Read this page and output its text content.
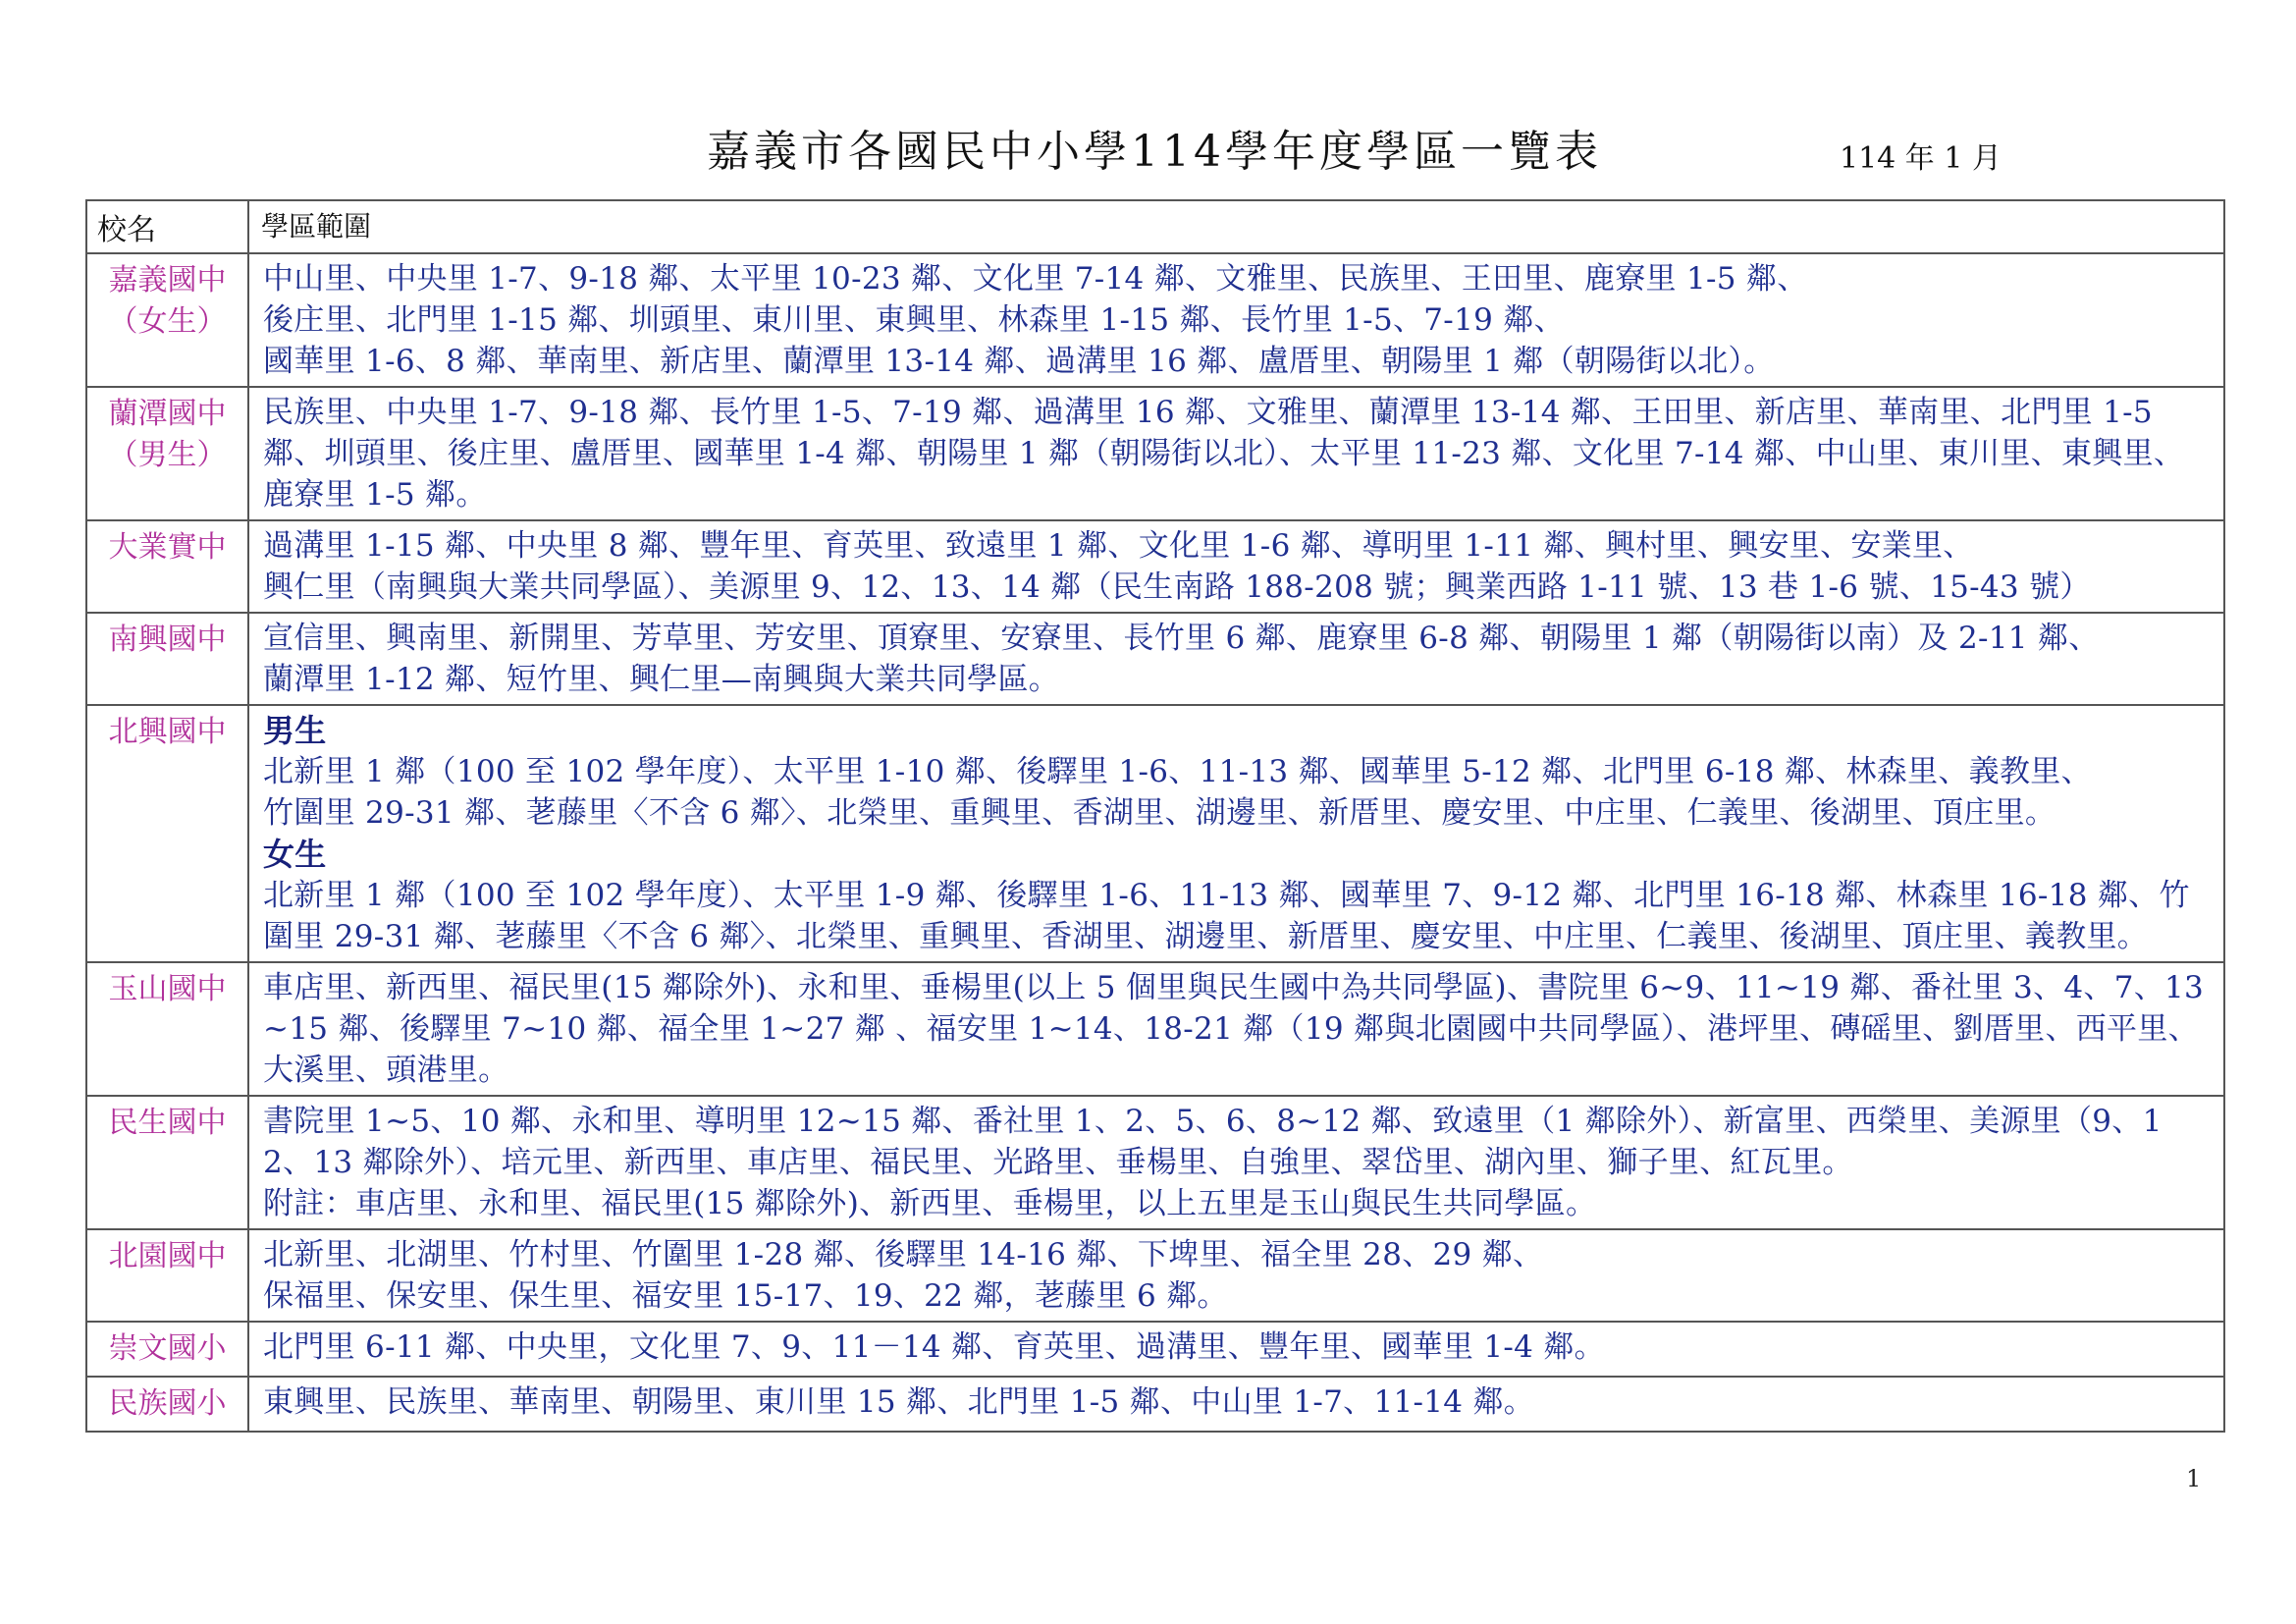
嘉義市各國民中小學114學年度學區一覽表	114 年 1 月
校名	學區範圍

嘉義國中
（女生）	中山里、中央里 1-7、9-18 鄰、太平里 10-23 鄰、文化里 7-14 鄰、文雅里、民族里、王田里、鹿寮里 1-5 鄰、
後庄里、北門里 1-15 鄰、圳頭里、東川里、東興里、林森里 1-15 鄰、長竹里 1-5、7-19 鄰、
國華里 1-6、8 鄰、華南里、新店里、蘭潭里 13-14 鄰、過溝里 16 鄰、盧厝里、朝陽里 1 鄰（朝陽街以北）。

蘭潭國中
（男生）	民族里、中央里 1-7、9-18 鄰、長竹里 1-5、7-19 鄰、過溝里 16 鄰、文雅里、蘭潭里 13-14 鄰、王田里、新店里、華南里、北門里 1-5 鄰、圳頭里、後庄里、盧厝里、國華里 1-4 鄰、朝陽里 1 鄰（朝陽街以北）、太平里 11-23 鄰、文化里 7-14 鄰、中山里、東川里、東興里、鹿寮里 1-5 鄰。

大業實中	過溝里 1-15 鄰、中央里 8 鄰、豐年里、育英里、致遠里 1 鄰、文化里 1-6 鄰、導明里 1-11 鄰、興村里、興安里、安業里、
興仁里（南興與大業共同學區）、美源里 9、12、13、14 鄰（民生南路 188-208 號；興業西路 1-11 號、13 巷 1-6 號、15-43 號）

南興國中	宣信里、興南里、新開里、芳草里、芳安里、頂寮里、安寮里、長竹里 6 鄰、鹿寮里 6-8 鄰、朝陽里 1 鄰（朝陽街以南）及 2-11 鄰、
蘭潭里 1-12 鄰、短竹里、興仁里—南興與大業共同學區。

北興國中	男生
北新里 1 鄰（100 至 102 學年度）、太平里 1-10 鄰、後驛里 1-6、11-13 鄰、國華里 5-12 鄰、北門里 6-18 鄰、林森里、義教里、
竹圍里 29-31 鄰、荖藤里〈不含 6 鄰〉、北榮里、重興里、香湖里、湖邊里、新厝里、慶安里、中庄里、仁義里、後湖里、頂庄里。
女生
北新里 1 鄰（100 至 102 學年度）、太平里 1-9 鄰、後驛里 1-6、11-13 鄰、國華里 7、9-12 鄰、北門里 16-18 鄰、林森里 16-18 鄰、竹圍里 29-31 鄰、荖藤里〈不含 6 鄰〉、北榮里、重興里、香湖里、湖邊里、新厝里、慶安里、中庄里、仁義里、後湖里、頂庄里、義教里。

玉山國中	車店里、新西里、福民里(15 鄰除外)、永和里、垂楊里(以上 5 個里與民生國中為共同學區)、書院里 6~9、11~19 鄰、番社里 3、4、7、13~15 鄰、後驛里 7~10 鄰、福全里 1~27 鄰 、福安里 1~14、18-21 鄰（19 鄰與北園國中共同學區）、港坪里、磚磘里、劉厝里、西平里、大溪里、頭港里。

民生國中	書院里 1~5、10 鄰、永和里、導明里 12~15 鄰、番社里 1、2、5、6、8~12 鄰、致遠里（1 鄰除外）、新富里、西榮里、美源里（9、12、13 鄰除外）、培元里、新西里、車店里、福民里、光路里、垂楊里、自強里、翠岱里、湖內里、獅子里、紅瓦里。
附註：車店里、永和里、福民里(15 鄰除外)、新西里、垂楊里，以上五里是玉山與民生共同學區。

北園國中	北新里、北湖里、竹村里、竹圍里 1-28 鄰、後驛里 14-16 鄰、下埤里、福全里 28、29 鄰、
保福里、保安里、保生里、福安里 15-17、19、22 鄰，荖藤里 6 鄰。

崇文國小	北門里 6-11 鄰、中央里，文化里 7、9、11－14 鄰、育英里、過溝里、豐年里、國華里 1-4 鄰。

民族國小	東興里、民族里、華南里、朝陽里、東川里 15 鄰、北門里 1-5 鄰、中山里 1-7、11-14 鄰。
1
